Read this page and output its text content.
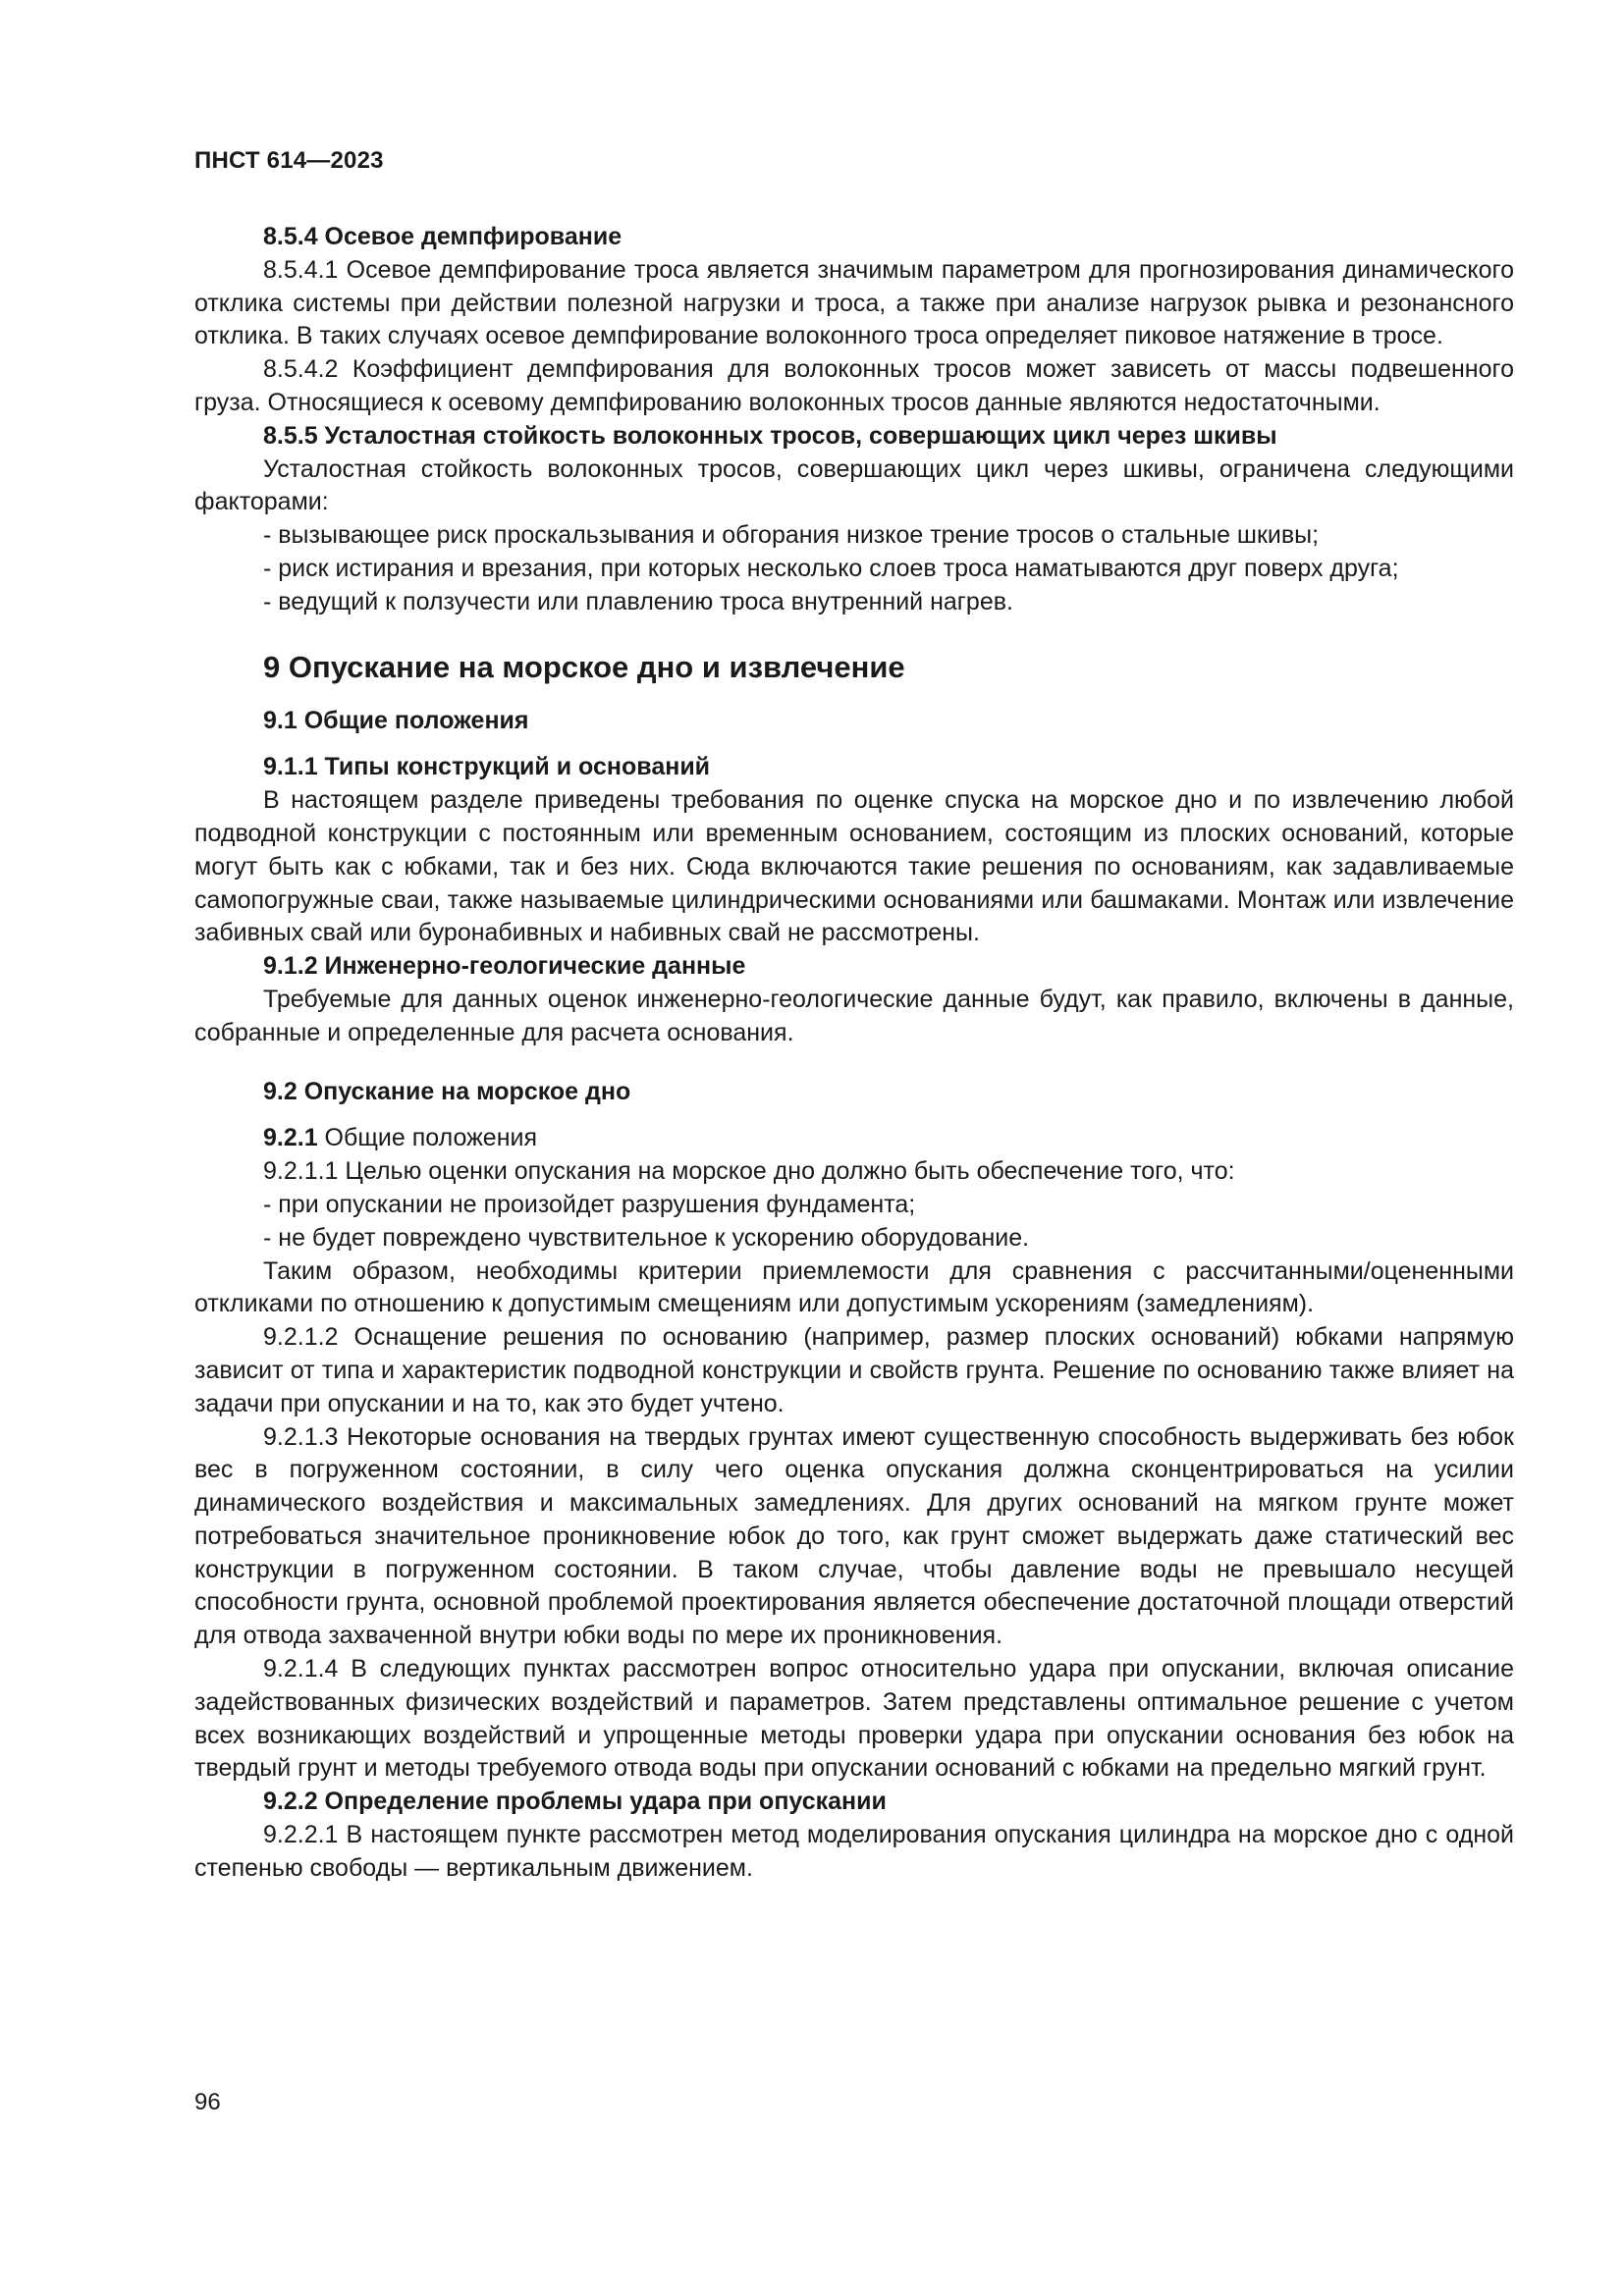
ПНСТ 614—2023
8.5.4 Осевое демпфирование

8.5.4.1 Осевое демпфирование троса является значимым параметром для прогнозирования динамического отклика системы при действии полезной нагрузки и троса, а также при анализе нагрузок рывка и резонансного отклика. В таких случаях осевое демпфирование волоконного троса определяет пиковое натяжение в тросе.

8.5.4.2 Коэффициент демпфирования для волоконных тросов может зависеть от массы подвешенного груза. Относящиеся к осевому демпфированию волоконных тросов данные являются недостаточными.

8.5.5 Усталостная стойкость волоконных тросов, совершающих цикл через шкивы

Усталостная стойкость волоконных тросов, совершающих цикл через шкивы, ограничена следующими факторами:

- вызывающее риск проскальзывания и обгорания низкое трение тросов о стальные шкивы;

- риск истирания и врезания, при которых несколько слоев троса наматываются друг поверх друга;

- ведущий к ползучести или плавлению троса внутренний нагрев.

9 Опускание на морское дно и извлечение
9.1 Общие положения
9.1.1 Типы конструкций и оснований

В настоящем разделе приведены требования по оценке спуска на морское дно и по извлечению любой подводной конструкции с постоянным или временным основанием, состоящим из плоских оснований, которые могут быть как с юбками, так и без них. Сюда включаются такие решения по основаниям, как задавливаемые самопогружные сваи, также называемые цилиндрическими основаниями или башмаками. Монтаж или извлечение забивных свай или буронабивных и набивных свай не рассмотрены.

9.1.2 Инженерно-геологические данные

Требуемые для данных оценок инженерно-геологические данные будут, как правило, включены в данные, собранные и определенные для расчета основания.

9.2 Опускание на морское дно

9.2.1 Общие положения

9.2.1.1 Целью оценки опускания на морское дно должно быть обеспечение того, что:

- при опускании не произойдет разрушения фундамента;

- не будет повреждено чувствительное к ускорению оборудование.

Таким образом, необходимы критерии приемлемости для сравнения с рассчитанными/оцененными откликами по отношению к допустимым смещениям или допустимым ускорениям (замедлениям).

9.2.1.2 Оснащение решения по основанию (например, размер плоских оснований) юбками напрямую зависит от типа и характеристик подводной конструкции и свойств грунта. Решение по основанию также влияет на задачи при опускании и на то, как это будет учтено.

9.2.1.3 Некоторые основания на твердых грунтах имеют существенную способность выдерживать без юбок вес в погруженном состоянии, в силу чего оценка опускания должна сконцентрироваться на усилии динамического воздействия и максимальных замедлениях. Для других оснований на мягком грунте может потребоваться значительное проникновение юбок до того, как грунт сможет выдержать даже статический вес конструкции в погруженном состоянии. В таком случае, чтобы давление воды не превышало несущей способности грунта, основной проблемой проектирования является обеспечение достаточной площади отверстий для отвода захваченной внутри юбки воды по мере их проникновения.

9.2.1.4 В следующих пунктах рассмотрен вопрос относительно удара при опускании, включая описание задействованных физических воздействий и параметров. Затем представлены оптимальное решение с учетом всех возникающих воздействий и упрощенные методы проверки удара при опускании основания без юбок на твердый грунт и методы требуемого отвода воды при опускании оснований с юбками на предельно мягкий грунт.

9.2.2 Определение проблемы удара при опускании

9.2.2.1 В настоящем пункте рассмотрен метод моделирования опускания цилиндра на морское дно с одной степенью свободы — вертикальным движением.

96
